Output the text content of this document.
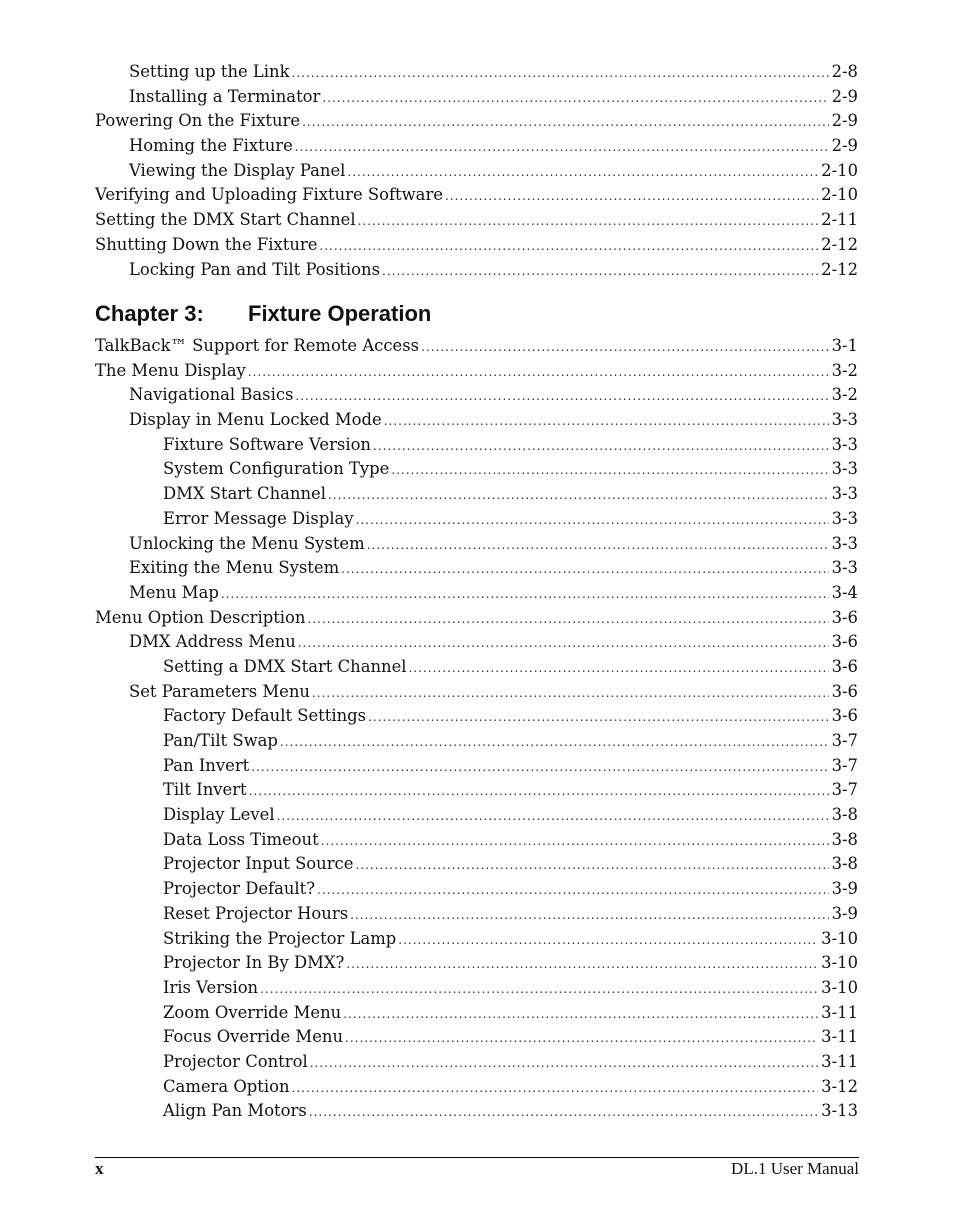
Setting up the Link .....	2-8
Installing a Terminator .....	2-9
Powering On the Fixture .....	2-9
Homing the Fixture .....	2-9
Viewing the Display Panel .....	2-10
Verifying and Uploading Fixture Software .....	2-10
Setting the DMX Start Channel .....	2-11
Shutting Down the Fixture .....	2-12
Locking Pan and Tilt Positions .....	2-12
Chapter 3: Fixture Operation
TalkBack™ Support for Remote Access .....	3-1
The Menu Display .....	3-2
Navigational Basics .....	3-2
Display in Menu Locked Mode .....	3-3
Fixture Software Version .....	3-3
System Configuration Type .....	3-3
DMX Start Channel .....	3-3
Error Message Display .....	3-3
Unlocking the Menu System .....	3-3
Exiting the Menu System .....	3-3
Menu Map .....	3-4
Menu Option Description .....	3-6
DMX Address Menu .....	3-6
Setting a DMX Start Channel .....	3-6
Set Parameters Menu .....	3-6
Factory Default Settings .....	3-6
Pan/Tilt Swap .....	3-7
Pan Invert .....	3-7
Tilt Invert .....	3-7
Display Level .....	3-8
Data Loss Timeout .....	3-8
Projector Input Source .....	3-8
Projector Default? .....	3-9
Reset Projector Hours .....	3-9
Striking the Projector Lamp .....	3-10
Projector In By DMX? .....	3-10
Iris Version .....	3-10
Zoom Override Menu .....	3-11
Focus Override Menu .....	3-11
Projector Control .....	3-11
Camera Option .....	3-12
Align Pan Motors .....	3-13
x	DL.1 User Manual
